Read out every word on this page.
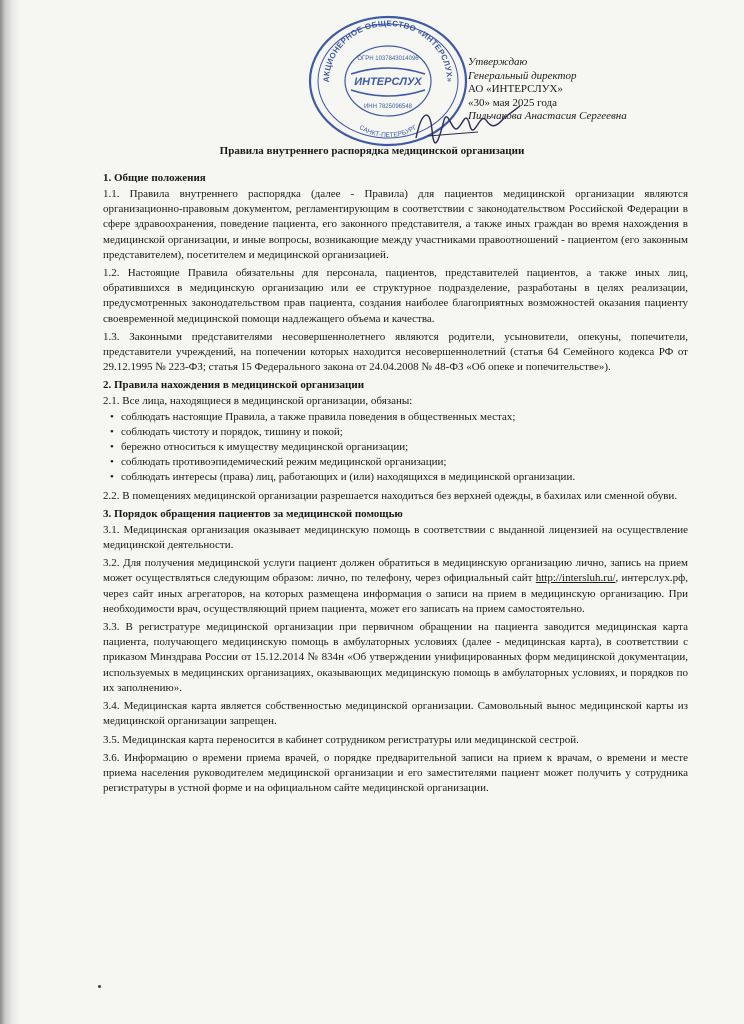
АКЦИОНЕРНОЕ ОБЩЕСТВО «ИНТЕРСЛУХ»
САНКТ-ПЕТЕРБУРГ
ОГРН 1037843014096
ИНТЕРСЛУХ
ИНН 7825096548
Утверждаю
Генеральный директор
АО «ИНТЕРСЛУХ»
«30» мая 2025 года
Пильчакова Анастасия Сергеевна
Правила внутреннего распорядка медицинской организации
1. Общие положения

1.1. Правила внутреннего распорядка (далее - Правила) для пациентов медицинской организации являются организационно-правовым документом, регламентирующим в соответствии с законодательством Российской Федерации в сфере здравоохранения, поведение пациента, его законного представителя, а также иных граждан во время нахождения в медицинской организации, и иные вопросы, возникающие между участниками правоотношений - пациентом (его законным представителем), посетителем и медицинской организацией.

1.2. Настоящие Правила обязательны для персонала, пациентов, представителей пациентов, а также иных лиц, обратившихся в медицинскую организацию или ее структурное подразделение, разработаны в целях реализации, предусмотренных законодательством прав пациента, создания наиболее благоприятных возможностей оказания пациенту своевременной медицинской помощи надлежащего объема и качества.

1.3. Законными представителями несовершеннолетнего являются родители, усыновители, опекуны, попечители, представители учреждений, на попечении которых находится несовершеннолетний (статья 64 Семейного кодекса РФ от 29.12.1995 № 223-ФЗ; статья 15 Федерального закона от 24.04.2008 № 48-ФЗ «Об опеке и попечительстве»).

2. Правила нахождения в медицинской организации

2.1. Все лица, находящиеся в медицинской организации, обязаны:

• соблюдать настоящие Правила, а также правила поведения в общественных местах;
• соблюдать чистоту и порядок, тишину и покой;
• бережно относиться к имуществу медицинской организации;
• соблюдать противоэпидемический режим медицинской организации;
• соблюдать интересы (права) лиц, работающих и (или) находящихся в медицинской организации.

2.2. В помещениях медицинской организации разрешается находиться без верхней одежды, в бахилах или сменной обуви.

3. Порядок обращения пациентов за медицинской помощью

3.1. Медицинская организация оказывает медицинскую помощь в соответствии с выданной лицензией на осуществление медицинской деятельности.

3.2. Для получения медицинской услуги пациент должен обратиться в медицинскую организацию лично, запись на прием может осуществляться следующим образом: лично, по телефону, через официальный сайт http://intersluh.ru/, интерслух.рф, через сайт иных агрегаторов, на которых размещена информация о записи на прием в медицинскую организацию. При необходимости врач, осуществляющий прием пациента, может его записать на прием самостоятельно.

3.3. В регистратуре медицинской организации при первичном обращении на пациента заводится медицинская карта пациента, получающего медицинскую помощь в амбулаторных условиях (далее - медицинская карта), в соответствии с приказом Минздрава России от 15.12.2014 № 834н «Об утверждении унифицированных форм медицинской документации, используемых в медицинских организациях, оказывающих медицинскую помощь в амбулаторных условиях, и порядков по их заполнению».

3.4. Медицинская карта является собственностью медицинской организации. Самовольный вынос медицинской карты из медицинской организации запрещен.

3.5. Медицинская карта переносится в кабинет сотрудником регистратуры или медицинской сестрой.

3.6. Информацию о времени приема врачей, о порядке предварительной записи на прием к врачам, о времени и месте приема населения руководителем медицинской организации и его заместителями пациент может получить у сотрудника регистратуры в устной форме и на официальном сайте медицинской организации.
